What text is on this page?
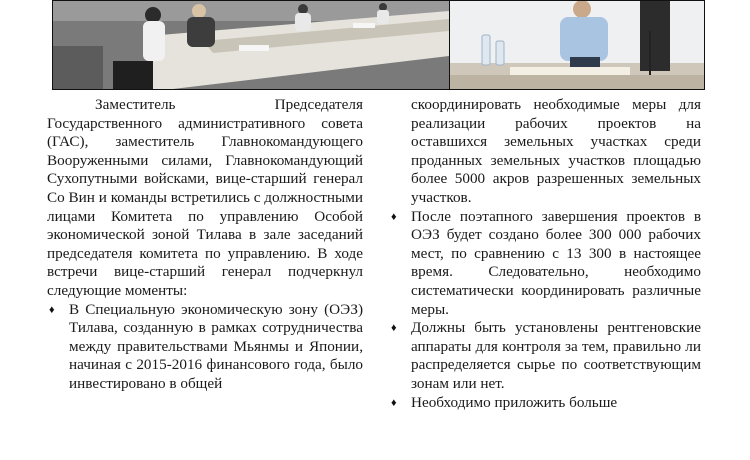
Заместитель Председателя Государственного административного совета (ГАС), заместитель Главнокомандующего Вооруженными силами, Главнокомандующий Сухопутными войсками, вице-старший генерал Со Вин и команды встретились с должностными лицами Комитета по управлению Особой экономической зоной Тилава в зале заседаний председателя комитета по управлению. В ходе встречи вице-старший генерал подчеркнул следующие моменты:

♦ В Специальную экономическую зону (ОЭЗ) Тилава, созданную в рамках сотрудничества между правительствами Мьянмы и Японии, начиная с 2015-2016 финансового года, было инвестировано в общей

скоординировать необходимые меры для реализации рабочих проектов на оставшихся земельных участках среди проданных земельных участков площадью более 5000 акров разрешенных земельных участков.

♦ После поэтапного завершения проектов в ОЭЗ будет создано более 300 000 рабочих мест, по сравнению с 13 300 в настоящее время. Следовательно, необходимо систематически координировать различные меры.
♦ Должны быть установлены рентгеновские аппараты для контроля за тем, правильно ли распределяется сырье по соответствующим зонам или нет.
♦ Необходимо приложить больше
